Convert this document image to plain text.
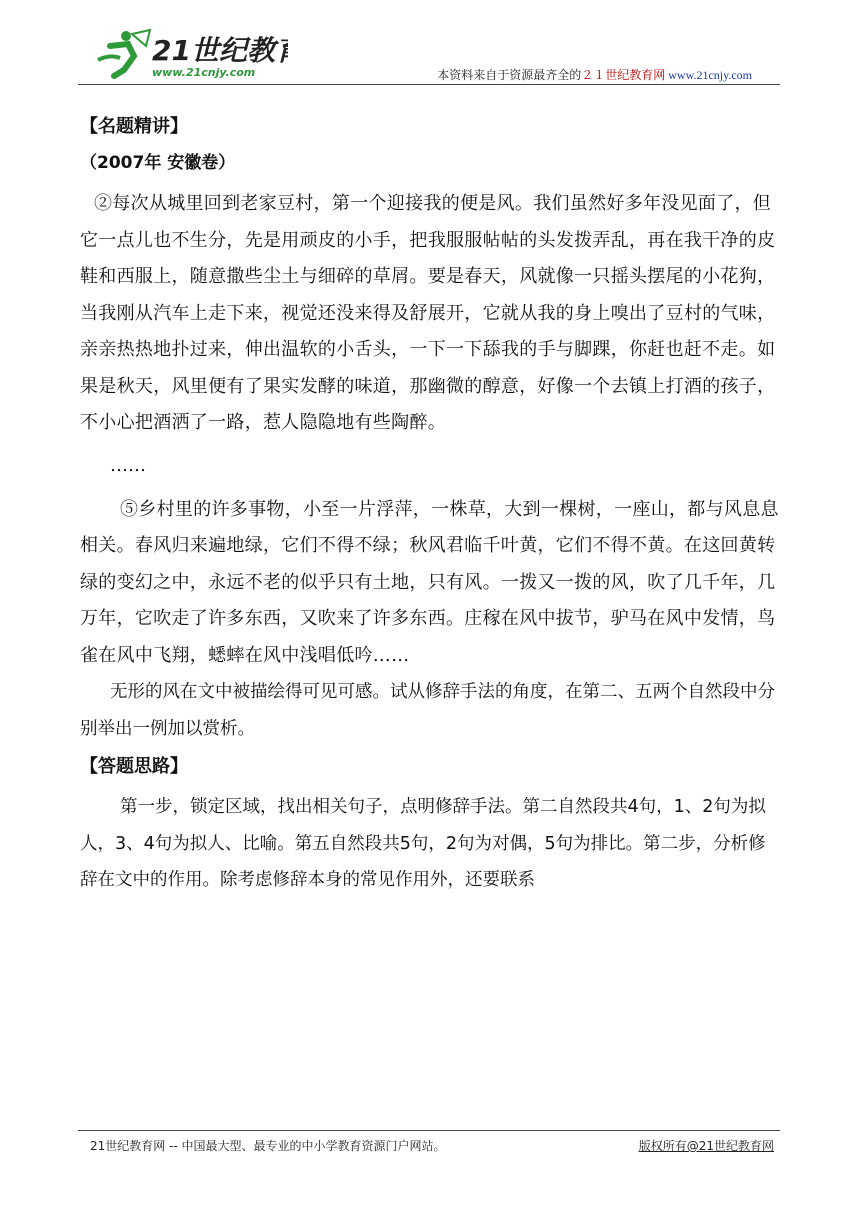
21世纪教育
www.21cnjy.com	本资料来自于资源最齐全的２１世纪教育网 www.21cnjy.com
【名题精讲】
（2007年 安徽卷）

②每次从城里回到老家豆村，第一个迎接我的便是风。我们虽然好多年没见面了，但它一点儿也不生分，先是用顽皮的小手，把我服服帖帖的头发拨弄乱，再在我干净的皮鞋和西服上，随意撒些尘土与细碎的草屑。要是春天，风就像一只摇头摆尾的小花狗，当我刚从汽车上走下来，视觉还没来得及舒展开，它就从我的身上嗅出了豆村的气味，亲亲热热地扑过来，伸出温软的小舌头，一下一下舔我的手与脚踝，你赶也赶不走。如果是秋天，风里便有了果实发酵的味道，那幽微的醇意，好像一个去镇上打酒的孩子，不小心把酒洒了一路，惹人隐隐地有些陶醉。

……

⑤乡村里的许多事物，小至一片浮萍，一株草，大到一棵树，一座山，都与风息息相关。春风归来遍地绿，它们不得不绿；秋风君临千叶黄，它们不得不黄。在这回黄转绿的变幻之中，永远不老的似乎只有土地，只有风。一拨又一拨的风，吹了几千年，几万年，它吹走了许多东西，又吹来了许多东西。庄稼在风中拔节，驴马在风中发情，鸟雀在风中飞翔，蟋蟀在风中浅唱低吟……

无形的风在文中被描绘得可见可感。试从修辞手法的角度，在第二、五两个自然段中分别举出一例加以赏析。

【答题思路】

第一步，锁定区域，找出相关句子，点明修辞手法。第二自然段共4句，1、2句为拟人，3、4句为拟人、比喻。第五自然段共5句，2句为对偶，5句为排比。第二步，分析修辞在文中的作用。除考虑修辞本身的常见作用外，还要联系

21世纪教育网 -- 中国最大型、最专业的中小学教育资源门户网站。	版权所有@21世纪教育网
